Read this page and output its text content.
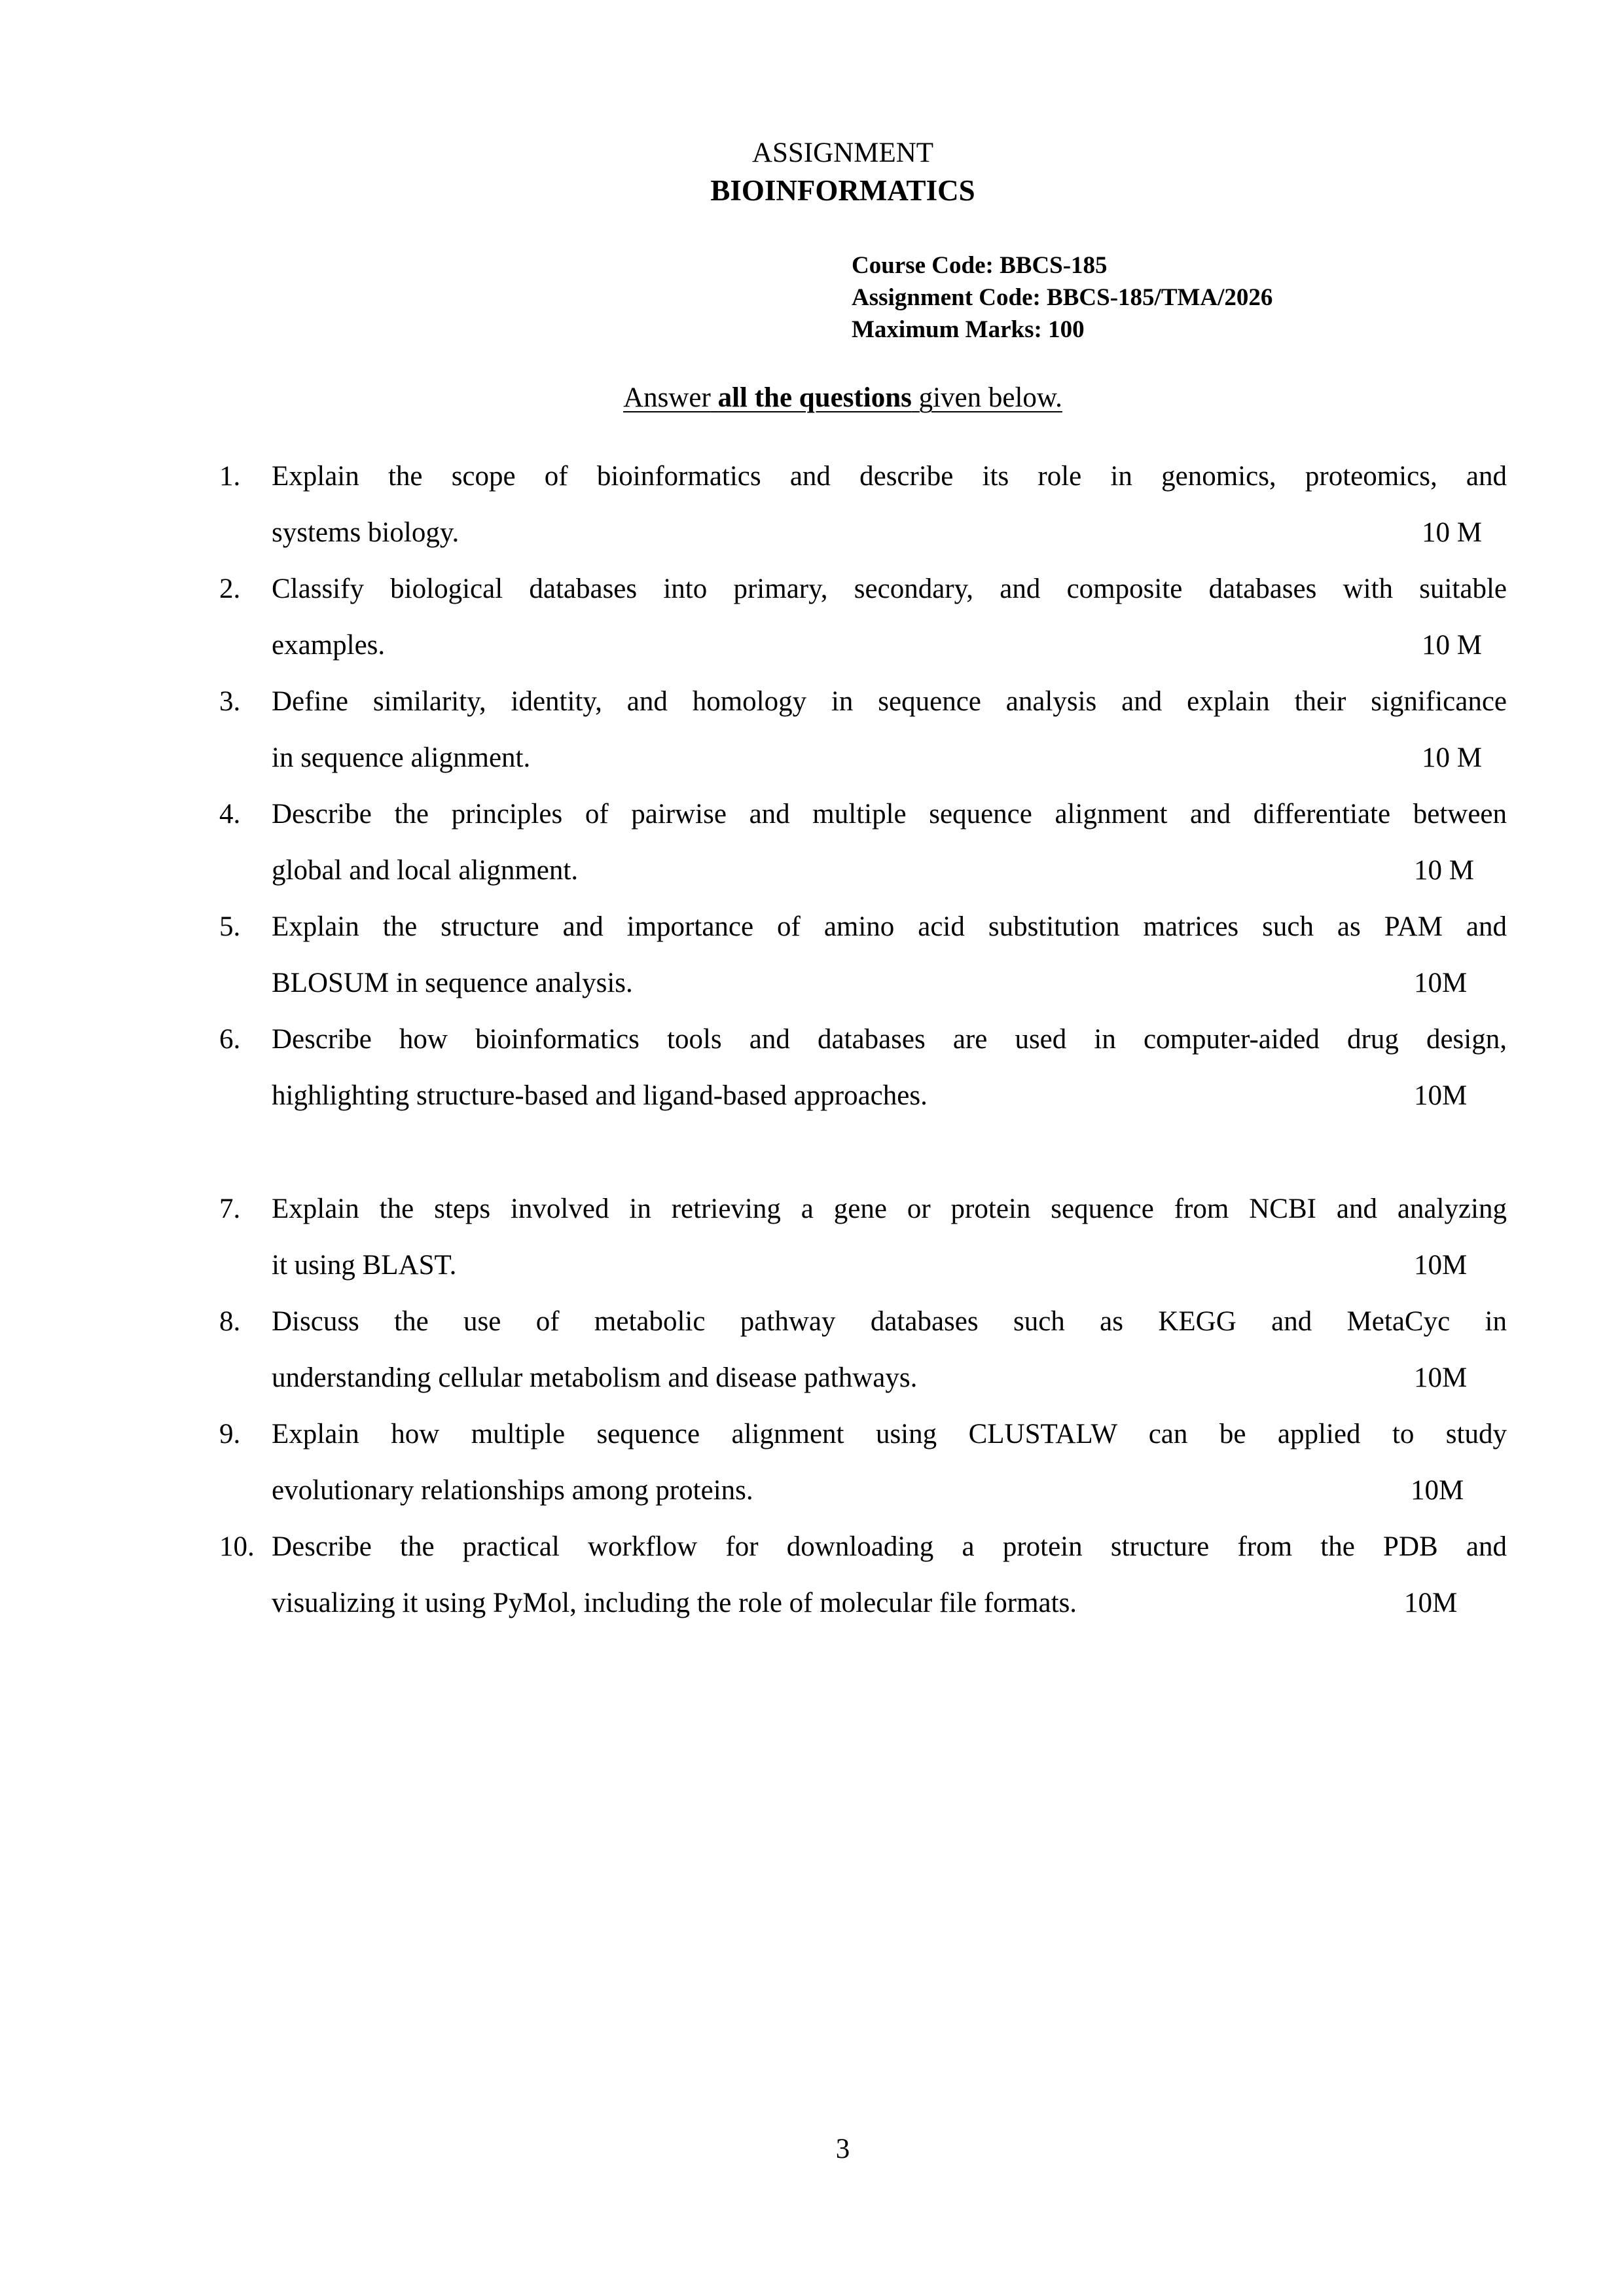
ASSIGNMENT
BIOINFORMATICS
Course Code: BBCS-185
Assignment Code: BBCS-185/TMA/2026
Maximum Marks: 100
Answer all the questions given below.
1.	Explain the scope of bioinformatics and describe its role in genomics, proteomics, and
systems biology.	10 M
2.	Classify biological databases into primary, secondary, and composite databases with suitable
examples.	10 M
3.	Define similarity, identity, and homology in sequence analysis and explain their significance
in sequence alignment.	10 M
4.	Describe the principles of pairwise and multiple sequence alignment and differentiate between
global and local alignment.	10 M
5.	Explain the structure and importance of amino acid substitution matrices such as PAM and
BLOSUM in sequence analysis.	10M
6.	Describe how bioinformatics tools and databases are used in computer-aided drug design,
highlighting structure-based and ligand-based approaches.	10M
7.	Explain the steps involved in retrieving a gene or protein sequence from NCBI and analyzing
it using BLAST.	10M
8.	Discuss the use of metabolic pathway databases such as KEGG and MetaCyc in
understanding cellular metabolism and disease pathways.	10M
9.	Explain how multiple sequence alignment using CLUSTALW can be applied to study
evolutionary relationships among proteins.	10M
10. Describe the practical workflow for downloading a protein structure from the PDB and
visualizing it using PyMol, including the role of molecular file formats.	10M
3
